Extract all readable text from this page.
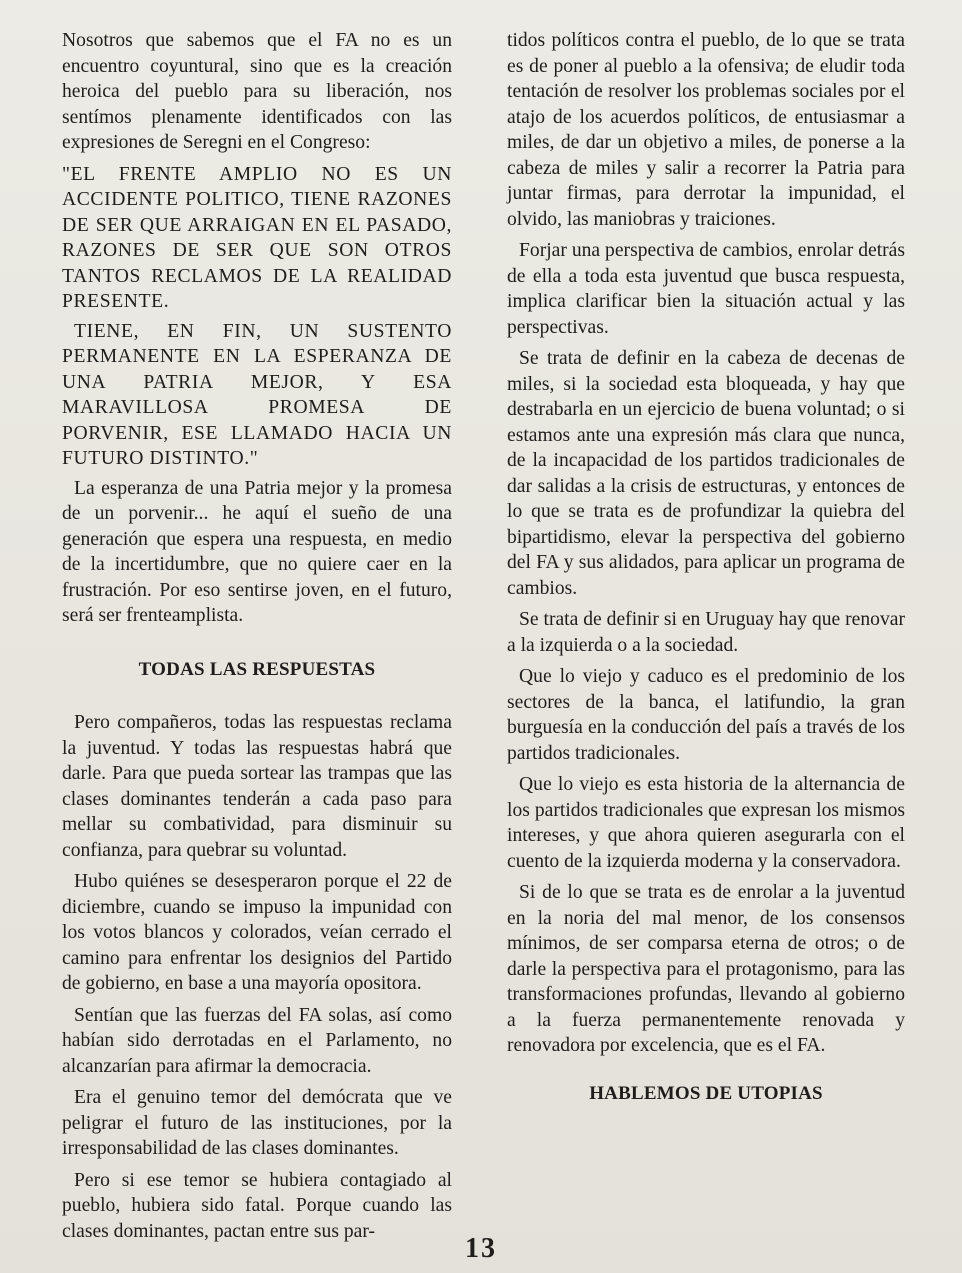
Nosotros que sabemos que el FA no es un encuentro coyuntural, sino que es la creación heroica del pueblo para su liberación, nos sentímos plenamente identificados con las expresiones de Seregni en el Congreso:

"EL FRENTE AMPLIO NO ES UN ACCIDENTE POLITICO, TIENE RAZONES DE SER QUE ARRAIGAN EN EL PASADO, RAZONES DE SER QUE SON OTROS TANTOS RECLAMOS DE LA REALIDAD PRESENTE.

TIENE, EN FIN, UN SUSTENTO PERMANENTE EN LA ESPERANZA DE UNA PATRIA MEJOR, Y ESA MARAVILLOSA PROMESA DE PORVENIR, ESE LLAMADO HACIA UN FUTURO DISTINTO."

La esperanza de una Patria mejor y la promesa de un porvenir... he aquí el sueño de una generación que espera una respuesta, en medio de la incertidumbre, que no quiere caer en la frustración. Por eso sentirse joven, en el futuro, será ser frenteamplista.

TODAS LAS RESPUESTAS

Pero compañeros, todas las respuestas reclama la juventud. Y todas las respuestas habrá que darle. Para que pueda sortear las trampas que las clases dominantes tenderán a cada paso para mellar su combatividad, para disminuir su confianza, para quebrar su voluntad.

Hubo quiénes se desesperaron porque el 22 de diciembre, cuando se impuso la impunidad con los votos blancos y colorados, veían cerrado el camino para enfrentar los designios del Partido de gobierno, en base a una mayoría opositora.

Sentían que las fuerzas del FA solas, así como habían sido derrotadas en el Parlamento, no alcanzarían para afirmar la democracia.

Era el genuino temor del demócrata que ve peligrar el futuro de las instituciones, por la irresponsabilidad de las clases dominantes.

Pero si ese temor se hubiera contagiado al pueblo, hubiera sido fatal. Porque cuando las clases dominantes, pactan entre sus par-

tidos políticos contra el pueblo, de lo que se trata es de poner al pueblo a la ofensiva; de eludir toda tentación de resolver los problemas sociales por el atajo de los acuerdos políticos, de entusiasmar a miles, de dar un objetivo a miles, de ponerse a la cabeza de miles y salir a recorrer la Patria para juntar firmas, para derrotar la impunidad, el olvido, las maniobras y traiciones.

Forjar una perspectiva de cambios, enrolar detrás de ella a toda esta juventud que busca respuesta, implica clarificar bien la situación actual y las perspectivas.

Se trata de definir en la cabeza de decenas de miles, si la sociedad esta bloqueada, y hay que destrabarla en un ejercicio de buena voluntad; o si estamos ante una expresión más clara que nunca, de la incapacidad de los partidos tradicionales de dar salidas a la crisis de estructuras, y entonces de lo que se trata es de profundizar la quiebra del bipartidismo, elevar la perspectiva del gobierno del FA y sus alidados, para aplicar un programa de cambios.

Se trata de definir si en Uruguay hay que renovar a la izquierda o a la sociedad.

Que lo viejo y caduco es el predominio de los sectores de la banca, el latifundio, la gran burguesía en la conducción del país a través de los partidos tradicionales.

Que lo viejo es esta historia de la alternancia de los partidos tradicionales que expresan los mismos intereses, y que ahora quieren asegurarla con el cuento de la izquierda moderna y la conservadora.

Si de lo que se trata es de enrolar a la juventud en la noria del mal menor, de los consensos mínimos, de ser comparsa eterna de otros; o de darle la perspectiva para el protagonismo, para las transformaciones profundas, llevando al gobierno a la fuerza permanentemente renovada y renovadora por excelencia, que es el FA.

HABLEMOS DE UTOPIAS
13
